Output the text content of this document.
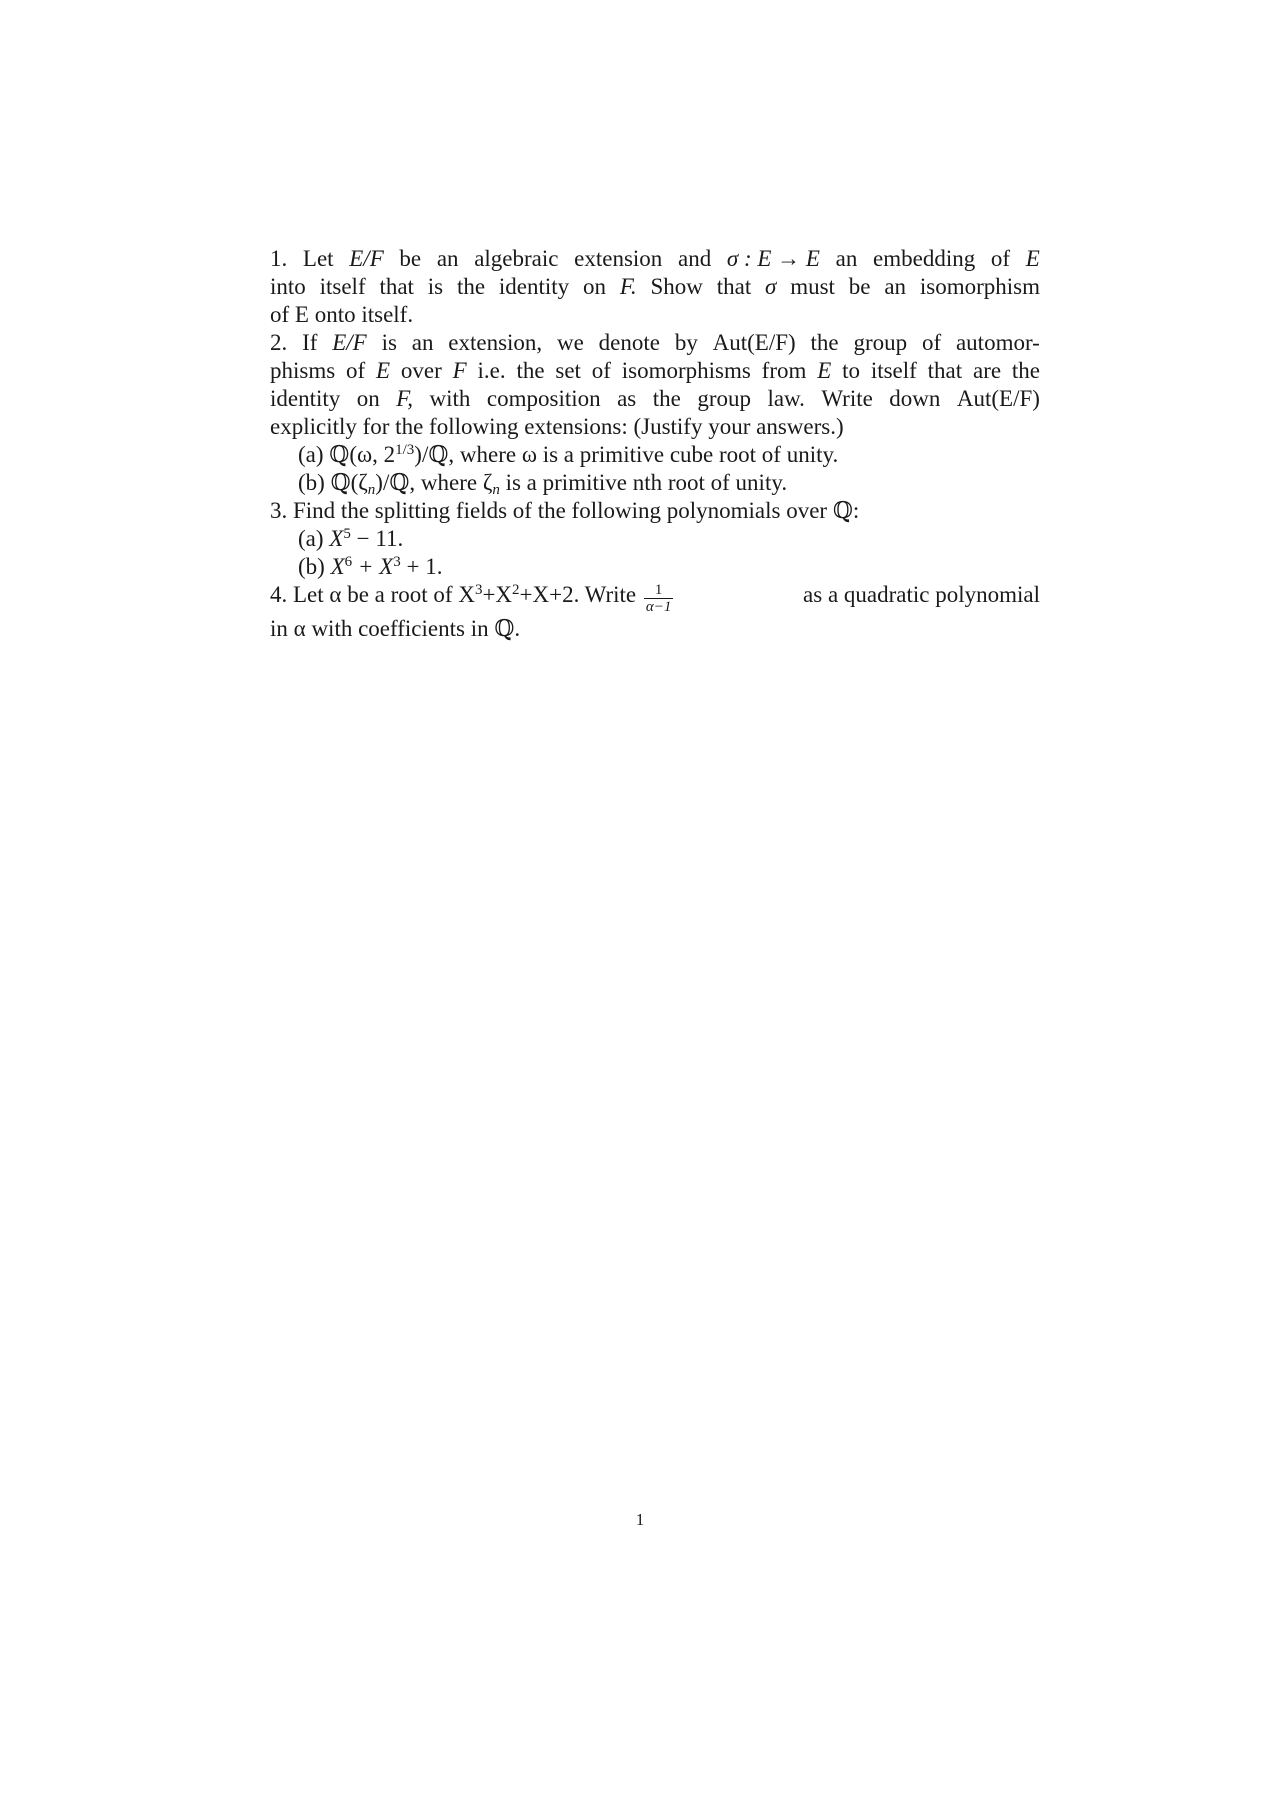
1. Let E/F be an algebraic extension and σ : E → E an embedding of E
into itself that is the identity on F. Show that σ must be an isomorphism
of E onto itself.
2. If E/F is an extension, we denote by Aut(E/F) the group of automor-
phisms of E over F i.e. the set of isomorphisms from E to itself that are the
identity on F, with composition as the group law. Write down Aut(E/F)
explicitly for the following extensions: (Justify your answers.)
(a) ℚ(ω, $2^{1/3})/ℚ$, where ω is a primitive cube root of unity.
(b) $ℚ(\zeta_n)/ℚ$, where $\zeta_n$ is a primitive nth root of unity.
3. Find the splitting fields of the following polynomials over ℚ:
(a) $X^5 - 11$.
(b) $X^6 + X^3 + 1$.
4. Let α be a root of $X^3+X^2+X+2$. Write $\frac{1}{\alpha-1}$	as a quadratic polynomial
in α with coefficients in ℚ.
1
